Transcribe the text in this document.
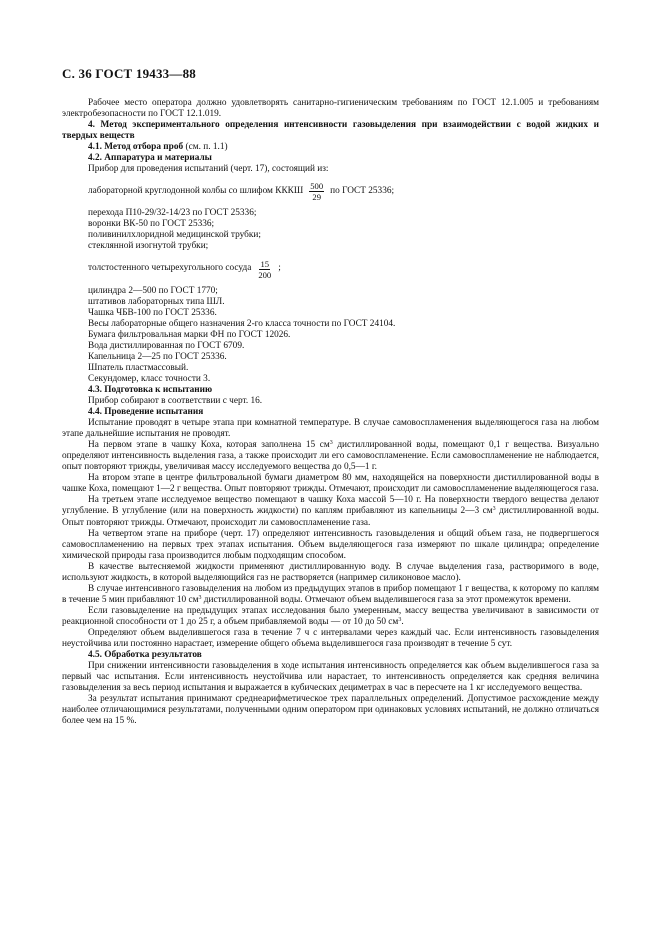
С. 36 ГОСТ 19433—88

Рабочее место оператора должно удовлетворять санитарно-гигиеническим требованиям по ГОСТ 12.1.005 и требованиям электробезопасности по ГОСТ 12.1.019.

4. Метод экспериментального определения интенсивности газовыделения при взаимодействии с водой жидких и твердых веществ

4.1. Метод отбора проб (см. п. 1.1)

4.2. Аппаратура и материалы

Прибор для проведения испытаний (черт. 17), состоящий из:

лабораторной круглодонной колбы со шлифом КККШ $\frac{500}{29}$ по ГОСТ 25336;

перехода П10-29/32-14/23 по ГОСТ 25336;

воронки ВК-50 по ГОСТ 25336;

поливинилхлоридной медицинской трубки;

стеклянной изогнутой трубки;

толстостенного четырехугольного сосуда $\frac{15}{200}$ ;

цилиндра 2—500 по ГОСТ 1770;

штативов лабораторных типа ШЛ.

Чашка ЧБВ-100 по ГОСТ 25336.

Весы лабораторные общего назначения 2-го класса точности по ГОСТ 24104.

Бумага фильтровальная марки ФН по ГОСТ 12026.

Вода дистиллированная по ГОСТ 6709.

Капельница 2—25 по ГОСТ 25336.

Шпатель пластмассовый.

Секундомер, класс точности 3.

4.3. Подготовка к испытанию

Прибор собирают в соответствии с черт. 16.

4.4. Проведение испытания

Испытание проводят в четыре этапа при комнатной температуре. В случае самовоспламенения выделяющегося газа на любом этапе дальнейшие испытания не проводят.

На первом этапе в чашку Коха, которая заполнена 15 $см^3$ дистиллированной воды, помещают 0,1 г вещества. Визуально определяют интенсивность выделения газа, а также происходит ли его самовоспламенение. Если самовоспламенение не наблюдается, опыт повторяют трижды, увеличивая массу исследуемого вещества до 0,5—1 г.

На втором этапе в центре фильтровальной бумаги диаметром 80 мм, находящейся на поверхности дистиллированной воды в чашке Коха, помещают 1—2 г вещества. Опыт повторяют трижды. Отмечают, происходит ли самовоспламенение выделяющегося газа.

На третьем этапе исследуемое вещество помещают в чашку Коха массой 5—10 г. На поверхности твердого вещества делают углубление. В углубление (или на поверхность жидкости) по каплям прибавляют из капельницы 2—3 $см^3$ дистиллированной воды. Опыт повторяют трижды. Отмечают, происходит ли самовоспламенение газа.

На четвертом этапе на приборе (черт. 17) определяют интенсивность газовыделения и общий объем газа, не подвергшегося самовоспламенению на первых трех этапах испытания. Объем выделяющегося газа измеряют по шкале цилиндра; определение химической природы газа производится любым подходящим способом.

В качестве вытесняемой жидкости применяют дистиллированную воду. В случае выделения газа, растворимого в воде, используют жидкость, в которой выделяющийся газ не растворяется (например силиконовое масло).

В случае интенсивного газовыделения на любом из предыдущих этапов в прибор помещают 1 г вещества, к которому по каплям в течение 5 мин прибавляют 10 $см^3$ дистиллированной воды. Отмечают объем выделившегося газа за этот промежуток времени.

Если газовыделение на предыдущих этапах исследования было умеренным, массу вещества увеличивают в зависимости от реакционной способности от 1 до 25 г, а объем прибавляемой воды — от 10 до 50 $см^3$.

Определяют объем выделившегося газа в течение 7 ч с интервалами через каждый час. Если интенсивность газовыделения неустойчива или постоянно нарастает, измерение общего объема выделившегося газа производят в течение 5 сут.

4.5. Обработка результатов

При снижении интенсивности газовыделения в ходе испытания интенсивность определяется как объем выделившегося газа за первый час испытания. Если интенсивность неустойчива или нарастает, то интенсивность определяется как средняя величина газовыделения за весь период испытания и выражается в кубических дециметрах в час в пересчете на 1 кг исследуемого вещества.

За результат испытания принимают среднеарифметическое трех параллельных определений. Допустимое расхождение между наиболее отличающимися результатами, полученными одним оператором при одинаковых условиях испытаний, не должно отличаться более чем на 15 %.
